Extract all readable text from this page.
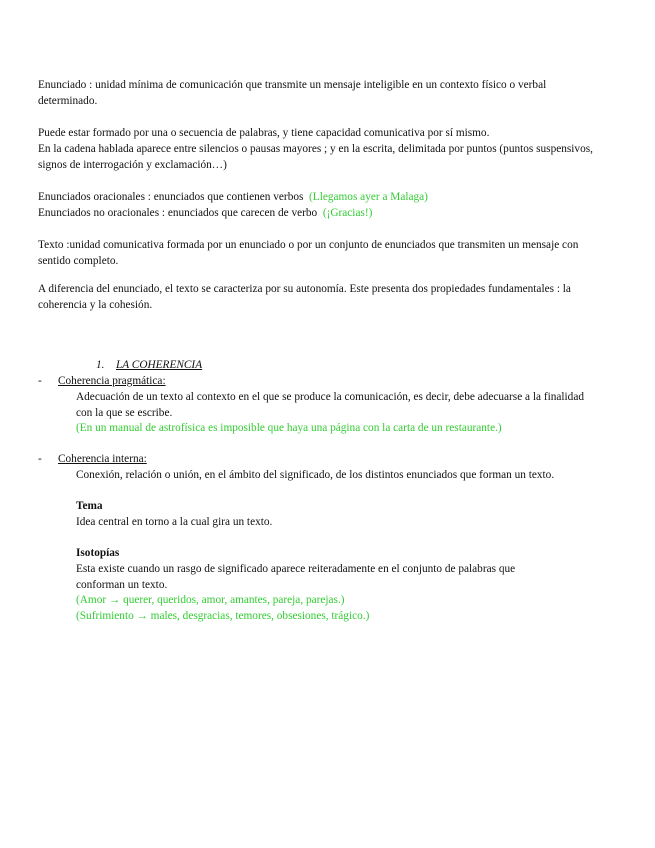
Enunciado : unidad mínima de comunicación que transmite un mensaje inteligible en un contexto físico o verbal determinado.

Puede estar formado por una o secuencia de palabras, y tiene capacidad comunicativa por sí mismo.

En la cadena hablada aparece entre silencios o pausas mayores ; y en la escrita, delimitada por puntos (puntos suspensivos, signos de interrogación y exclamación…)

Enunciados oracionales : enunciados que contienen verbos (Llegamos ayer a Malaga)

Enunciados no oracionales : enunciados que carecen de verbo (¡Gracias!)

Texto :unidad comunicativa formada por un enunciado o por un conjunto de enunciados que transmiten un mensaje con sentido completo.

A diferencia del enunciado, el texto se caracteriza por su autonomía. Este presenta dos propiedades fundamentales : la coherencia y la cohesión.

1. LA COHERENCIA
- Coherencia pragmática:

Adecuación de un texto al contexto en el que se produce la comunicación, es decir, debe adecuarse a la finalidad con la que se escribe.

(En un manual de astrofísica es imposible que haya una página con la carta de un restaurante.)

- Coherencia interna:

Conexión, relación o unión, en el ámbito del significado, de los distintos enunciados que forman un texto.

Tema

Idea central en torno a la cual gira un texto.

Isotopías

Esta existe cuando un rasgo de significado aparece reiteradamente en el conjunto de palabras que conforman un texto.

(Amor → querer, queridos, amor, amantes, pareja, parejas.)

(Sufrimiento → males, desgracias, temores, obsesiones, trágico.)
